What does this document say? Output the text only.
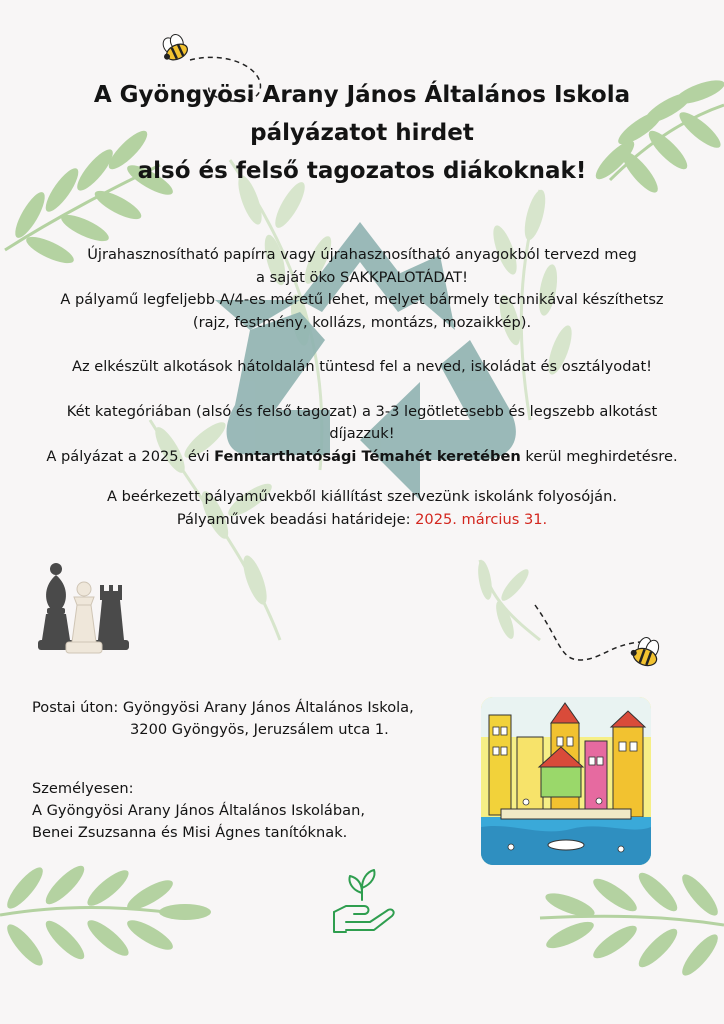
A Gyöngyösi Arany János Általános Iskola
pályázatot hirdet
alsó és felső tagozatos diákoknak!
Újrahasznosítható papírra vagy újrahasznosítható anyagokból tervezd meg
a saját öko SAKKPALOTÁDAT!
A pályamű legfeljebb A/4-es méretű lehet, melyet bármely technikával készíthetsz
(rajz, festmény, kollázs, montázs, mozaikkép).
Az elkészült alkotások hátoldalán tüntesd fel a neved, iskoládat és osztályodat!
Két kategóriában (alsó és felső tagozat) a 3-3 legötletesebb és legszebb alkotást
díjazzuk!
A pályázat a 2025. évi Fenntarthatósági Témahét keretében kerül meghirdetésre.
A beérkezett pályaművekből kiállítást szervezünk iskolánk folyosóján.
Pályaművek beadási határideje: 2025. március 31.
Postai úton: Gyöngyösi Arany János Általános Iskola,
3200 Gyöngyös, Jeruzsálem utca 1.
Személyesen:
A Gyöngyösi Arany János Általános Iskolában,
Benei Zsuzsanna és Misi Ágnes tanítóknak.
